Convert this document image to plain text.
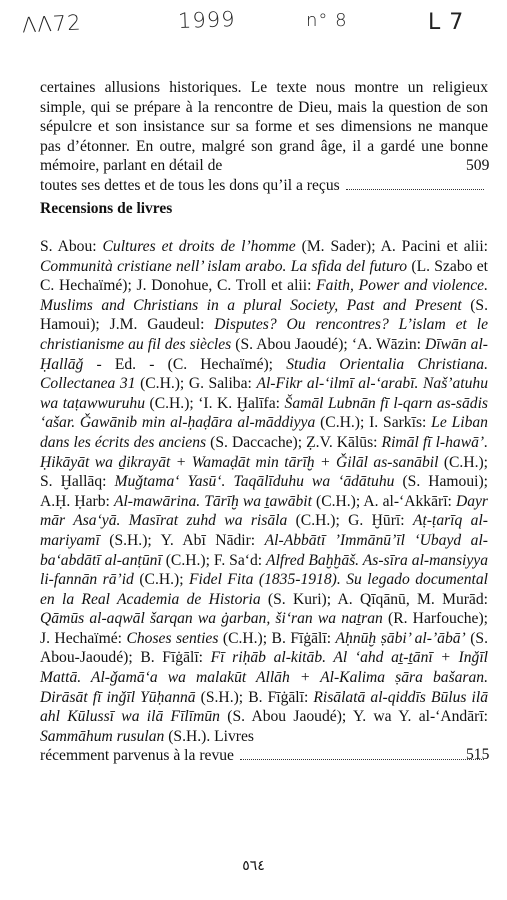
ΛΛ72	1999	n° 8	L 7
certaines allusions historiques. Le texte nous montre un religieux simple, qui se prépare à la rencontre de Dieu, mais la question de son sépulcre et son insistance sur sa forme et ses dimensions ne manque pas d’étonner. En outre, malgré son grand âge, il a gardé une bonne mémoire, parlant en détail de
toutes ses dettes et de tous les dons qu’il a reçus
509
Recensions de livres
S. Abou: Cultures et droits de l’homme (M. Sader); A. Pacini et alii: Communità cristiane nell’ islam arabo. La sfida del futuro (L. Szabo et C. Hechaïmé); J. Donohue, C. Troll et alii: Faith, Power and violence. Muslims and Christians in a plural Society, Past and Present (S. Hamoui); J.M. Gaudeul: Disputes? Ou rencontres? L’islam et le christianisme au fil des siècles (S. Abou Jaoudé); ‘A. Wāzin: Dīwān al-Ḥallāǧ - Ed. - (C. Hechaïmé); Studia Orientalia Christiana. Collectanea 31 (C.H.); G. Saliba: Al-Fikr al-‘ilmī al-‘arabī. Našʼatuhu wa taṭawwuruhu (C.H.); ‘I. K. Ḫalīfa: Šamāl Lubnān fī l-qarn as-sādis ‘ašar. Ǧawānib min al-ḥaḍāra al-māddiyya (C.H.); I. Sarkīs: Le Liban dans les écrits des anciens (S. Daccache); Ẓ.V. Kālūs: Rimāl fī l-hawā’. Ḥikāyāt wa ḏikrayāt + Wamaḍāt min tārīḫ + Ǧilāl as-sanābil (C.H.); S. Ḫallāq: Muǧtama‘ Yasū‘. Taqālīduhu wa ‘ādātuhu (S. Hamoui); A.Ḥ. Ḥarb: Al-mawārina. Tārīḫ wa ṯawābit (C.H.); A. al-‘Akkārī: Dayr mār Asa‘yā. Masīrat zuhd wa risāla (C.H.); G. Ḫūrī: Aṭ-ṭarīq al-mariyamī (S.H.); Y. Abī Nādir: Al-Abbātī ’Immānū’īl ‘Ubayd al-ba‘abdātī al-anṭūnī (C.H.); F. Sa‘d: Alfred Baḫḫāš. As-sīra al-mansiyya li-fannān rā’id (C.H.); Fidel Fita (1835-1918). Su legado documental en la Real Academia de Historia (S. Kuri); A. Qīqānū, M. Murād: Qāmūs al-aqwāl šarqan wa ġarban, ši‘ran wa naṯran (R. Harfouche); J. Hechaïmé: Choses senties (C.H.); B. Fīġālī: Aḥnūḫ ṣābi’ al-’ābā’ (S. Abou-Jaoudé); B. Fīġālī: Fī riḥāb al-kitāb. Al ‘ahd aṯ-ṯānī + Inǧīl Mattā. Al-ǧamā‘a wa malakūt Allāh + Al-Kalima ṣāra bašaran. Dirāsāt fī inǧīl Yūḥannā (S.H.); B. Fīġālī: Risālatā al-qiddīs Būlus ilā ahl Kūlussī wa ilā Fīlīmūn (S. Abou Jaoudé); Y. wa Y. al-‘Andārī: Sammāhum rusulan (S.H.). Livres
récemment parvenus à la revue	515
٥٦٤
